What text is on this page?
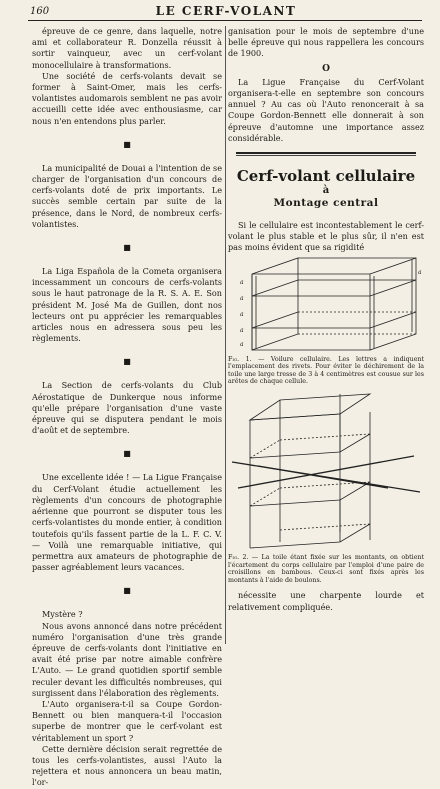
160	LE CERF-VOLANT

épreuve de ce genre, dans laquelle, notre ami et collaborateur R. Donzella réussit à sortir vainqueur, avec un cerf-volant monocellulaire à transformations.

Une société de cerfs-volants devait se former à Saint-Omer, mais les cerfs-volantistes audomarois semblent ne pas avoir accueilli cette idée avec enthousiasme, car nous n'en entendons plus parler.

■

La municipalité de Douai a l'intention de se charger de l'organisation d'un concours de cerfs-volants doté de prix importants. Le succès semble certain par suite de la présence, dans le Nord, de nombreux cerfs-volantistes.

■

La Liga Española de la Cometa organisera incessamment un concours de cerfs-volants sous le haut patronage de la R. S. A. E. Son président M. José Ma de Guillen, dont nos lecteurs ont pu apprécier les remarquables articles nous en adressera sous peu les règlements.

■

La Section de cerfs-volants du Club Aérostatique de Dunkerque nous informe qu'elle prépare l'organisation d'une vaste épreuve qui se disputera pendant le mois d'août et de septembre.

■

Une excellente idée ! — La Ligue Française du Cerf-Volant étudie actuellement les règlements d'un concours de photographie aérienne que pourront se disputer tous les cerfs-volantistes du monde entier, à condition toutefois qu'ils fassent partie de la L. F. C. V. — Voilà une remarquable initiative, qui permettra aux amateurs de photographie de passer agréablement leurs vacances.

■

Mystère ?

Nous avons annoncé dans notre précédent numéro l'organisation d'une très grande épreuve de cerfs-volants dont l'initiative en avait été prise par notre aimable confrère L'Auto. — Le grand quotidien sportif semble reculer devant les difficultés nombreuses, qui surgissent dans l'élaboration des règlements.

L'Auto organisera-t-il sa Coupe Gordon-Bennett ou bien manquera-t-il l'occasion superbe de montrer que le cerf-volant est véritablement un sport ?

Cette dernière décision serait regrettée de tous les cerfs-volantistes, aussi l'Auto la rejettera et nous annoncera un beau matin, l'or-

ganisation pour le mois de septembre d'une belle épreuve qui nous rappellera les concours de 1900.

O

La Ligue Française du Cerf-Volant organisera-t-elle en septembre son concours annuel ? Au cas où l'Auto renoncerait à sa Coupe Gordon-Bennett elle donnerait à son épreuve d'automne une importance assez considérable.

Cerf-volant cellulaire
à
Montage central

Si le cellulaire est incontestablement le cerf-volant le plus stable et le plus sûr, il n'en est pas moins évident que sa rigidité

a
a
a
a
a
a
Fig. 1. — Voilure cellulaire. Les lettres a indiquent l'emplacement des rivets. Pour éviter le déchirement de la toile une large tresse de 3 à 4 centimètres est cousue sur les arêtes de chaque cellule.
Fig. 2. — La toile étant fixée sur les montants, on obtient l'écartement du corps cellulaire par l'emploi d'une paire de croisillons en bambous. Ceux-ci sont fixés après les montants à l'aide de boulons.

nécessite une charpente lourde et relativement compliquée.
